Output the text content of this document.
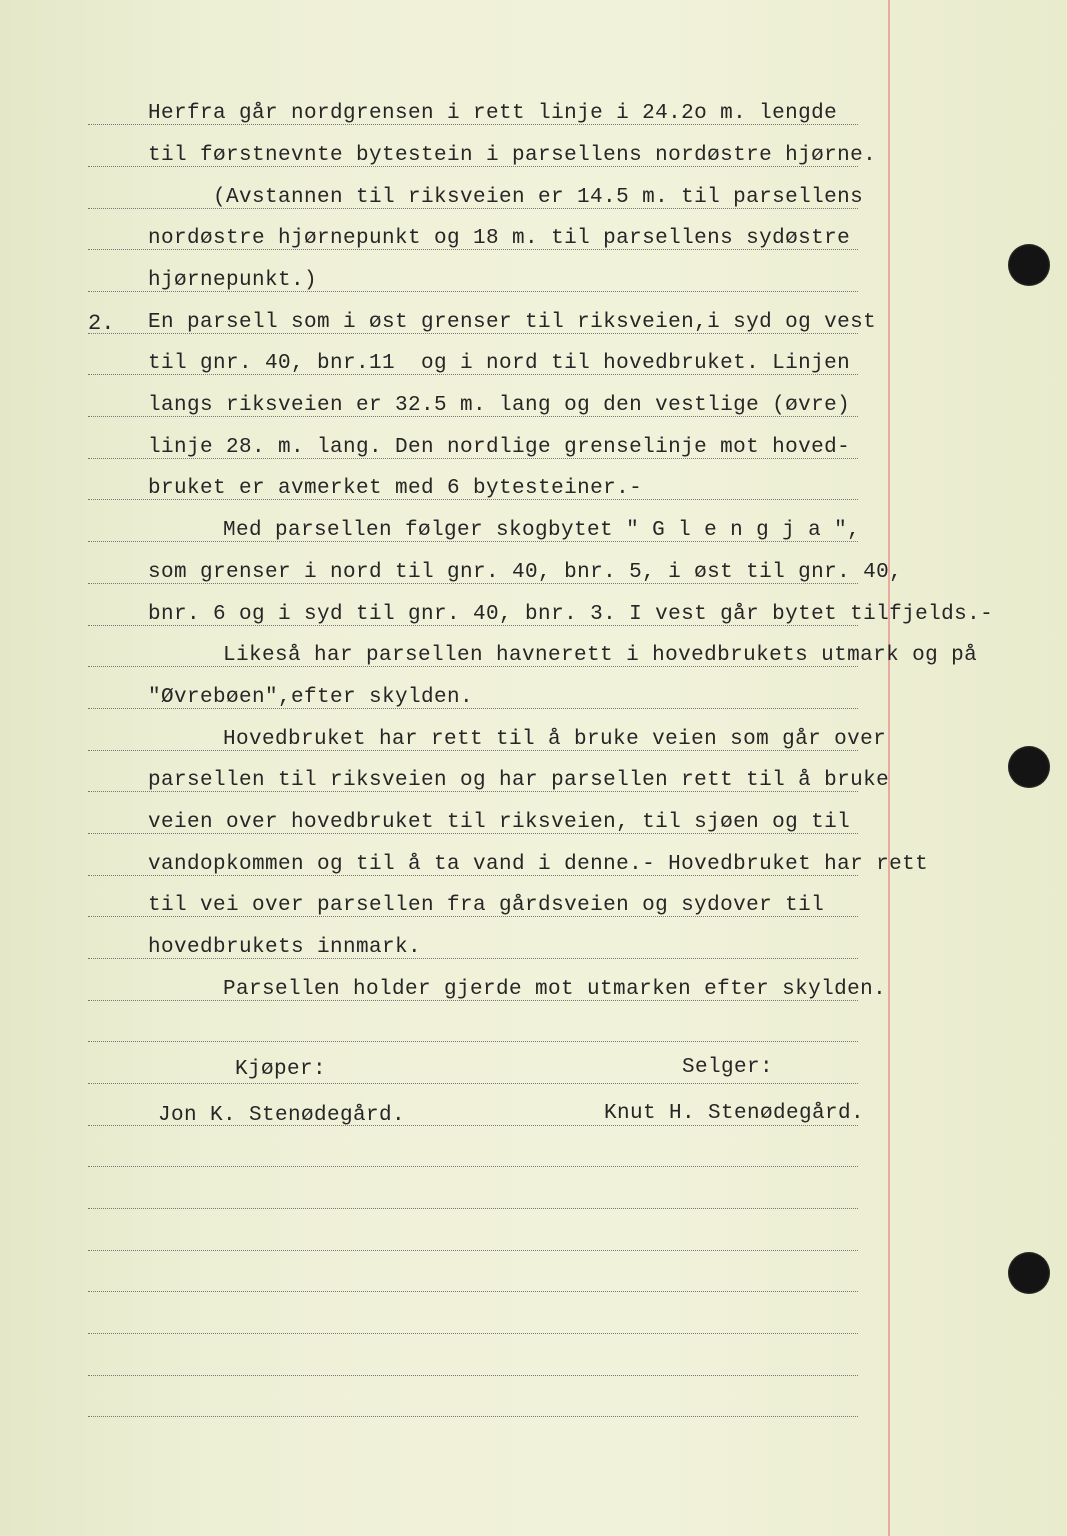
Herfra går nordgrensen i rett linje i 24.2o m. lengde
til førstnevnte bytestein i parsellens nordøstre hjørne.
(Avstannen til riksveien er 14.5 m. til parsellens
nordøstre hjørnepunkt og 18 m. til parsellens sydøstre
hjørnepunkt.)
2. En parsell som i øst grenser til riksveien,i syd og vest
til gnr. 40, bnr.11  og i nord til hovedbruket. Linjen
langs riksveien er 32.5 m. lang og den vestlige (øvre)
linje 28. m. lang. Den nordlige grenselinje mot hoved-
bruket er avmerket med 6 bytesteiner.-
Med parsellen følger skogbytet " G l e n g j a ",
som grenser i nord til gnr. 40, bnr. 5, i øst til gnr. 40,
bnr. 6 og i syd til gnr. 40, bnr. 3. I vest går bytet tilfjelds.-
Likeså har parsellen havnerett i hovedbrukets utmark og på
"Øvrebøen",efter skylden.
Hovedbruket har rett til å bruke veien som går over
parsellen til riksveien og har parsellen rett til å bruke
veien over hovedbruket til riksveien, til sjøen og til
vandopkommen og til å ta vand i denne.- Hovedbruket har rett
til vei over parsellen fra gårdsveien og sydover til
hovedbrukets innmark.
Parsellen holder gjerde mot utmarken efter skylden.
Kjøper:	Selger:
Jon K. Stenødegård.	Knut H. Stenødegård.
